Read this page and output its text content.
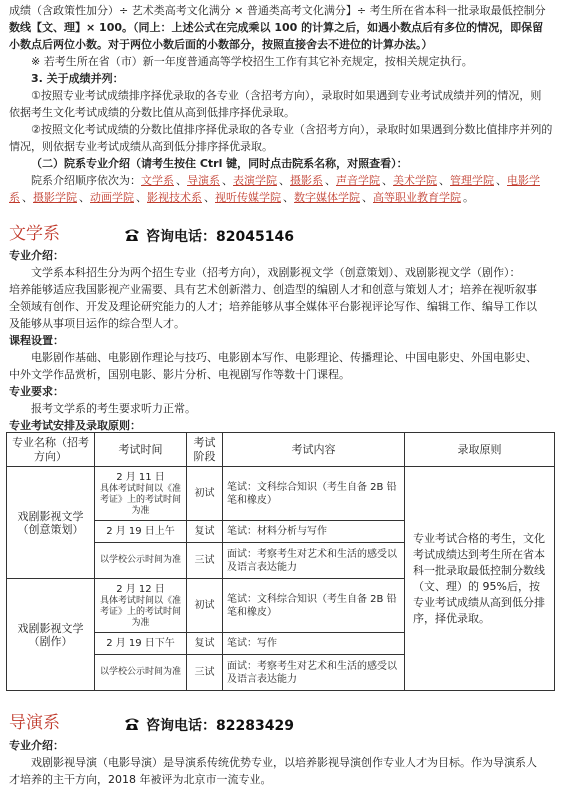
成绩（含政策性加分）÷ 艺术类高考文化满分 × 普通类高考文化满分】÷ 考生所在省本科一批录取最低控制分

数线【文、理】× 100。（同上：上述公式在完成乘以 100 的计算之后，如遇小数点后有多位的情况，即保留

小数点后两位小数。对于两位小数后面的小数部分，按照直接舍去不进位的计算办法。）

※ 若考生所在省（市）新一年度普通高等学校招生工作有其它补充规定，按相关规定执行。

3. 关于成绩并列：

①按照专业考试成绩排序择优录取的各专业（含招考方向），录取时如果遇到专业考试成绩并列的情况，则

依据考生文化考试成绩的分数比值从高到低排序择优录取。

②按照文化考试成绩的分数比值排序择优录取的各专业（含招考方向），录取时如果遇到分数比值排序并列的

情况，则依据专业考试成绩从高到低分排序择优录取。

（二）院系专业介绍（请考生按住 Ctrl 键，同时点击院系名称，对照查看）：

院系介绍顺序依次为：文学系 、导演系 、表演学院 、摄影系 、声音学院 、美术学院 、管理学院 、电影学系 、摄影学院 、动画学院 、影视技术系 、视听传媒学院 、数字媒体学院 、高等职业教育学院 。

文学系	咨询电话：82045146

专业介绍：

文学系本科招生分为两个招生专业（招考方向），戏剧影视文学（创意策划）、戏剧影视文学（剧作）：

培养能够适应我国影视产业需要、具有艺术创新潜力、创造型的编剧人才和创意与策划人才；培养在视听叙事

全领域有创作、开发及理论研究能力的人才；培养能够从事全媒体平台影视评论写作、编辑工作、编导工作以

及能够从事项目运作的综合型人才。

课程设置：

电影剧作基础、电影剧作理论与技巧、电影剧本写作、电影理论、传播理论、中国电影史、外国电影史、

中外文学作品赏析，国别电影、影片分析、电视剧写作等数十门课程。

专业要求：

报考文学系的考生要求听力正常。

专业考试安排及录取原则：

专业名称（招考方向）	考试时间	考试阶段	考试内容	录取原则
戏剧影视文学（创意策划）	2 月 11 日
具体考试时间以《准考证》上的考试时间为准	初试	笔试：文科综合知识（考生自备 2B 铅笔和橡皮）	专业考试合格的考生，文化考试成绩达到考生所在省本科一批录取最低控制分数线（文、理）的 95%后，按专业考试成绩从高到低分排序，择优录取。
	2 月 19 日上午	复试	笔试：材料分析与写作	
	以学校公示时间为准	三试	面试：考察考生对艺术和生活的感受以及语言表达能力	
戏剧影视文学（剧作）	2 月 12 日
具体考试时间以《准考证》上的考试时间为准	初试	笔试：文科综合知识（考生自备 2B 铅笔和橡皮）	
	2 月 19 日下午	复试	笔试：写作	
	以学校公示时间为准	三试	面试：考察考生对艺术和生活的感受以及语言表达能力	
导演系	咨询电话：82283429

专业介绍：

戏剧影视导演（电影导演）是导演系传统优势专业，以培养影视导演创作专业人才为目标。作为导演系人

才培养的主干方向，2018 年被评为北京市一流专业。
